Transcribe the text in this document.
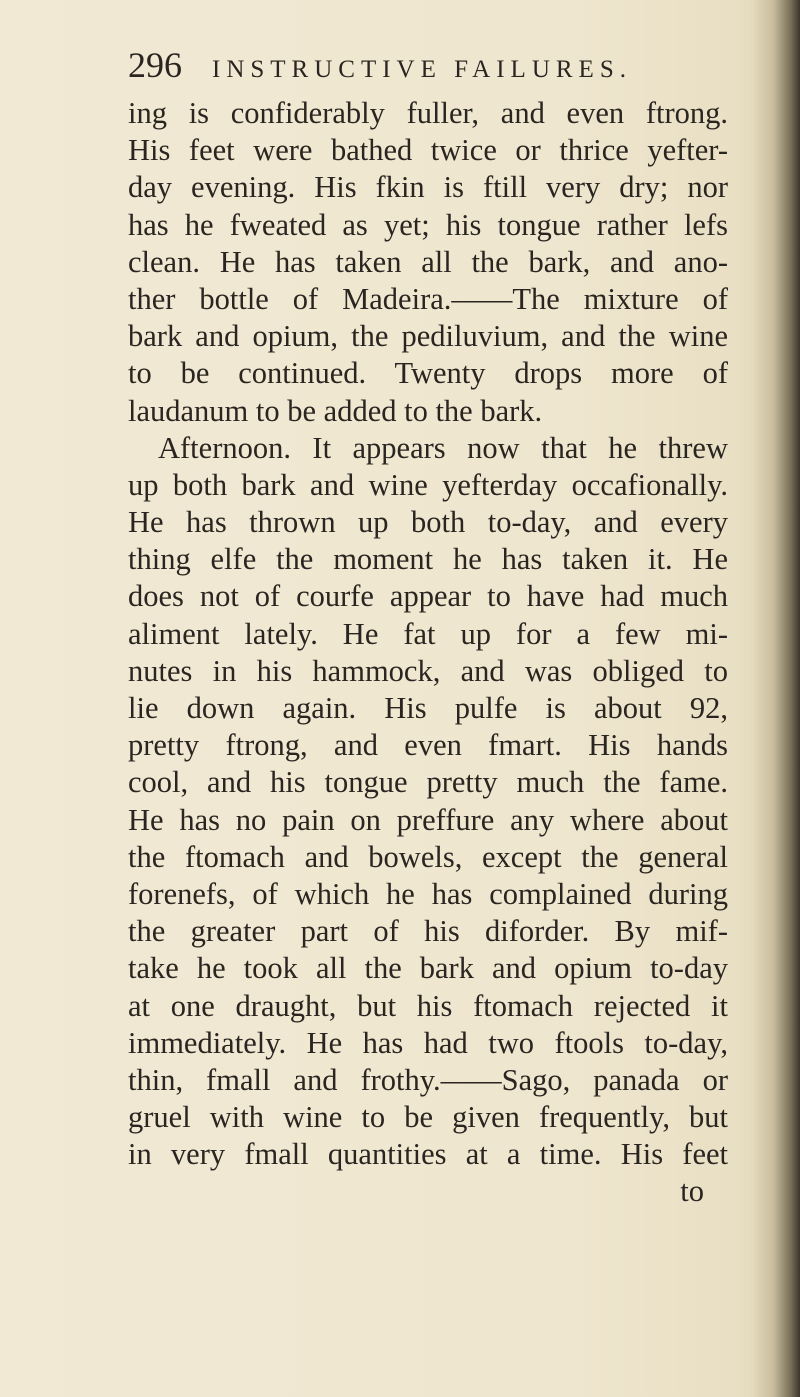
296 INSTRUCTIVE FAILURES.
ing is confiderably fuller, and even ftrong.
His feet were bathed twice or thrice yefter-
day evening. His fkin is ftill very dry; nor
has he fweated as yet; his tongue rather lefs
clean. He has taken all the bark, and ano-
ther bottle of Madeira.——The mixture of
bark and opium, the pediluvium, and the wine
to be continued. Twenty drops more of
laudanum to be added to the bark.
Afternoon. It appears now that he threw
up both bark and wine yefterday occafionally.
He has thrown up both to-day, and every
thing elfe the moment he has taken it. He
does not of courfe appear to have had much
aliment lately. He fat up for a few mi-
nutes in his hammock, and was obliged to
lie down again. His pulfe is about 92,
pretty ftrong, and even fmart. His hands
cool, and his tongue pretty much the fame.
He has no pain on preffure any where about
the ftomach and bowels, except the general
forenefs, of which he has complained during
the greater part of his diforder. By mif-
take he took all the bark and opium to-day
at one draught, but his ftomach rejected it
immediately. He has had two ftools to-day,
thin, fmall and frothy.——Sago, panada or
gruel with wine to be given frequently, but
in very fmall quantities at a time. His feet
to
